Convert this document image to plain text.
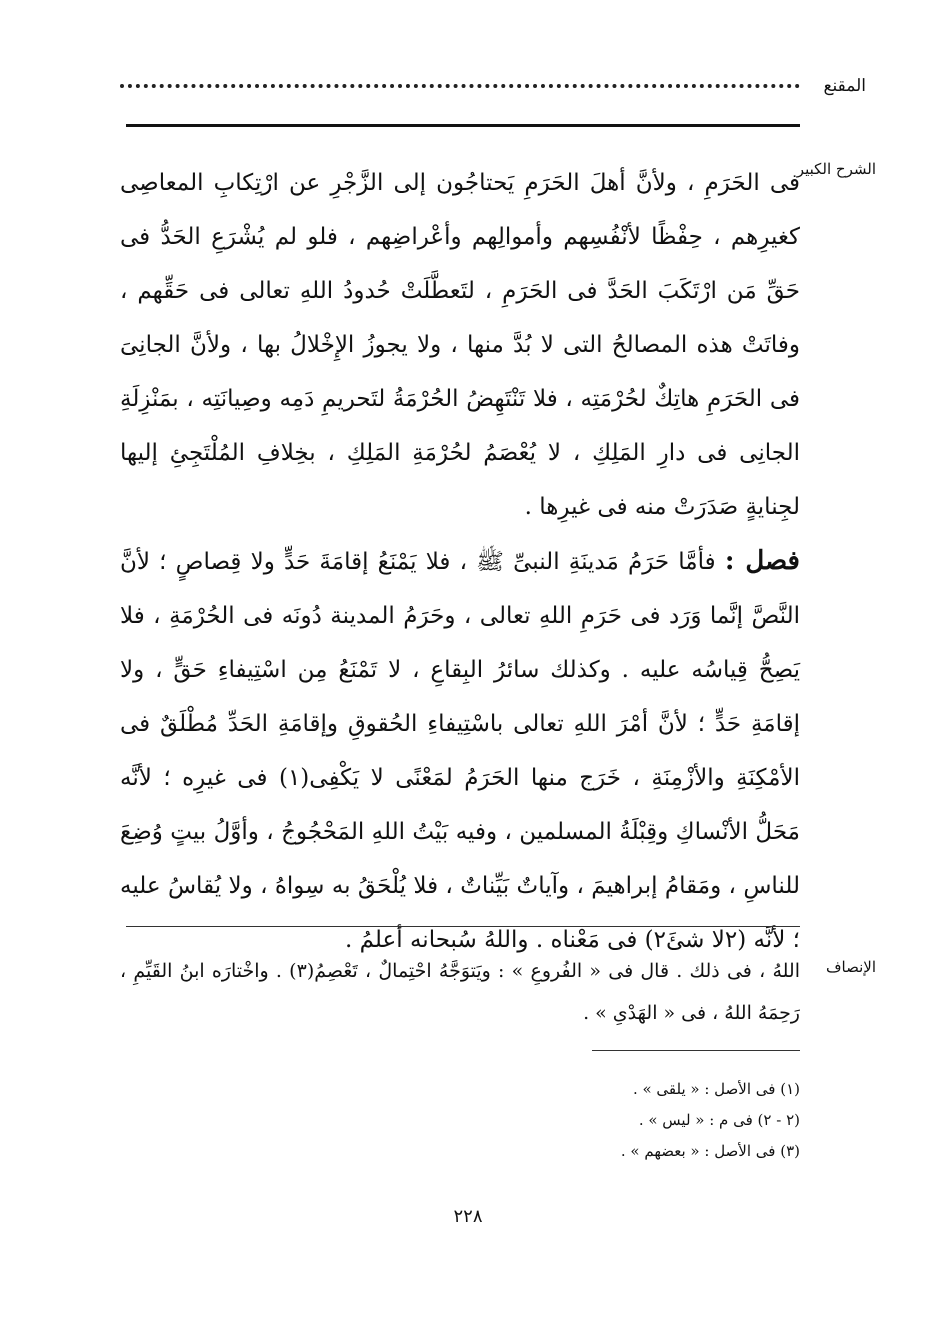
المقنع
الشرح الكبير

فى الحَرَمِ ، ولأنَّ أهلَ الحَرَمِ يَحتاجُون إلى الزَّجْرِ عن ارْتِكابِ المعاصِى كغيرِهم ، حِفْظًا لأنْفُسِهم وأموالِهم وأعْراضِهم ، فلو لم يُشْرَعِ الحَدُّ فى حَقِّ مَن ارْتَكَبَ الحَدَّ فى الحَرَمِ ، لتَعطَّلَتْ حُدودُ اللهِ تعالى فى حَقِّهم ، وفاتَتْ هذه المصالحُ التى لا بُدَّ منها ، ولا يجوزُ الإِخْلالُ بها ، ولأنَّ الجانِىَ فى الحَرَمِ هاتِكٌ لحُرْمَتِه ، فلا تَنْتَهِضُ الحُرْمَةُ لتَحريمِ دَمِه وصِيانَتِه ، بمَنْزِلَةِ الجانِى فى دارِ المَلِكِ ، لا يُعْصَمُ لحُرْمَةِ المَلِكِ ، بخِلافِ المُلْتَجِئِ إليها لجِنايةٍ صَدَرَتْ منه فى غيرِها .

فصل : فأمَّا حَرَمُ مَدينَةِ النبىِّ ﷺ ، فلا يَمْنَعُ إقامَةَ حَدٍّ ولا قِصاصٍ ؛ لأنَّ النَّصَّ إنَّما وَرَد فى حَرَمِ اللهِ تعالى ، وحَرَمُ المدينة دُونَه فى الحُرْمَةِ ، فلا يَصِحُّ قِياسُه عليه . وكذلك سائرُ البِقاعِ ، لا تَمْنَعُ مِن اسْتِيفاءِ حَقٍّ ، ولا إقامَةِ حَدٍّ ؛ لأنَّ أمْرَ اللهِ تعالى باسْتِيفاءِ الحُقوقِ وإقامَةِ الحَدِّ مُطْلَقٌ فى الأمْكِنَةِ والأزْمِنَةِ ، خَرَج منها الحَرَمُ لمَعْنًى لا يَكْفِى(١) فى غيرِه ؛ لأنَّه مَحَلُّ الأنْساكِ وقِبْلَةُ المسلمين ، وفيه بَيْتُ اللهِ المَحْجُوجُ ، وأوَّلُ بيتٍ وُضِعَ للناسِ ، ومَقامُ إبراهيمَ ، وآياتٌ بَيِّناتٌ ، فلا يُلْحَقُ به سِواهُ ، ولا يُقاسُ عليه ؛ لأنَّه (٢لا شئَ٢) فى مَعْناه . واللهُ سُبحانه أعلمُ .

الإنصاف

اللهُ ، فى ذلك . قال فى « الفُروعِ » : ويَتوَجَّهُ احْتِمالٌ ، تَعْصِمُ(٣) . واخْتارَه ابنُ القَيِّمِ ، رَحِمَهُ اللهُ ، فى « الهَدْىِ » .

(١) فى الأصل : « يلقى » .
(٢ - ٢) فى م : « ليس » .
(٣) فى الأصل : « بعضهم » .
٢٢٨
